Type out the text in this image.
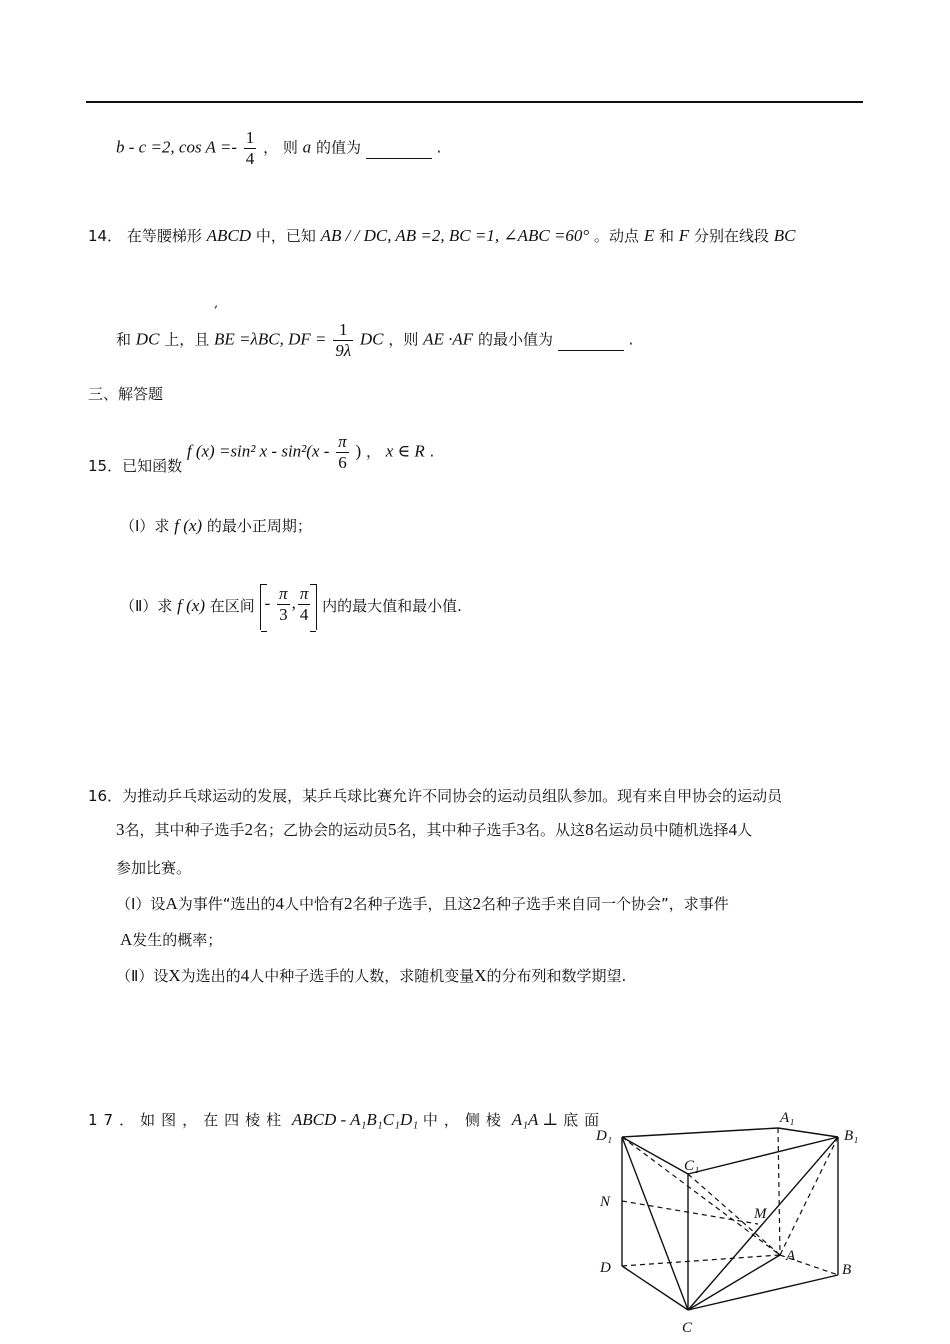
b - c =2, $\cos A =- \frac{1}{4}$ ， 则 a 的值为	.
14． 在等腰梯形 ABCD 中，已知 AB / / DC, AB =2, BC =1, ∠ABC =60° 。动点 E 和 F 分别在线段 BC
,
和 DC 上，且 BE =λBC, DF = $\frac{1}{9\lambda}$ DC ，则 AE ·AF 的最小值为	.
三、解答题
15．已知函数 f (x) =sin² x - $\sin^2(x - \frac{\pi}{6}$ ) ， x ∈ R .
（Ⅰ）求 f (x) 的最小正周期；
（Ⅱ）求 f (x) 在区间 - $\frac{\pi}{3}$ , $\frac{\pi}{4}$ 内的最大值和最小值.
16．为推动乒乓球运动的发展，某乒乓球比赛允许不同协会的运动员组队参加。现有来自甲协会的运动员
3名，其中种子选手2名；乙协会的运动员5名，其中种子选手3名。从这8名运动员中随机选择4人
参加比赛。
（Ⅰ）设A为事件“选出的4人中恰有2名种子选手，且这2名种子选手来自同一个协会”，求事件
A发生的概率；
（Ⅱ）设X为选出的4人中种子选手的人数，求随机变量X的分布列和数学期望.
17．如图，在四棱柱 ABCD - A₁B₁C₁D₁ 中，侧棱 A₁A ⊥ 底面
D₁
A₁
B₁
C₁
N
M
A
D	B
C
